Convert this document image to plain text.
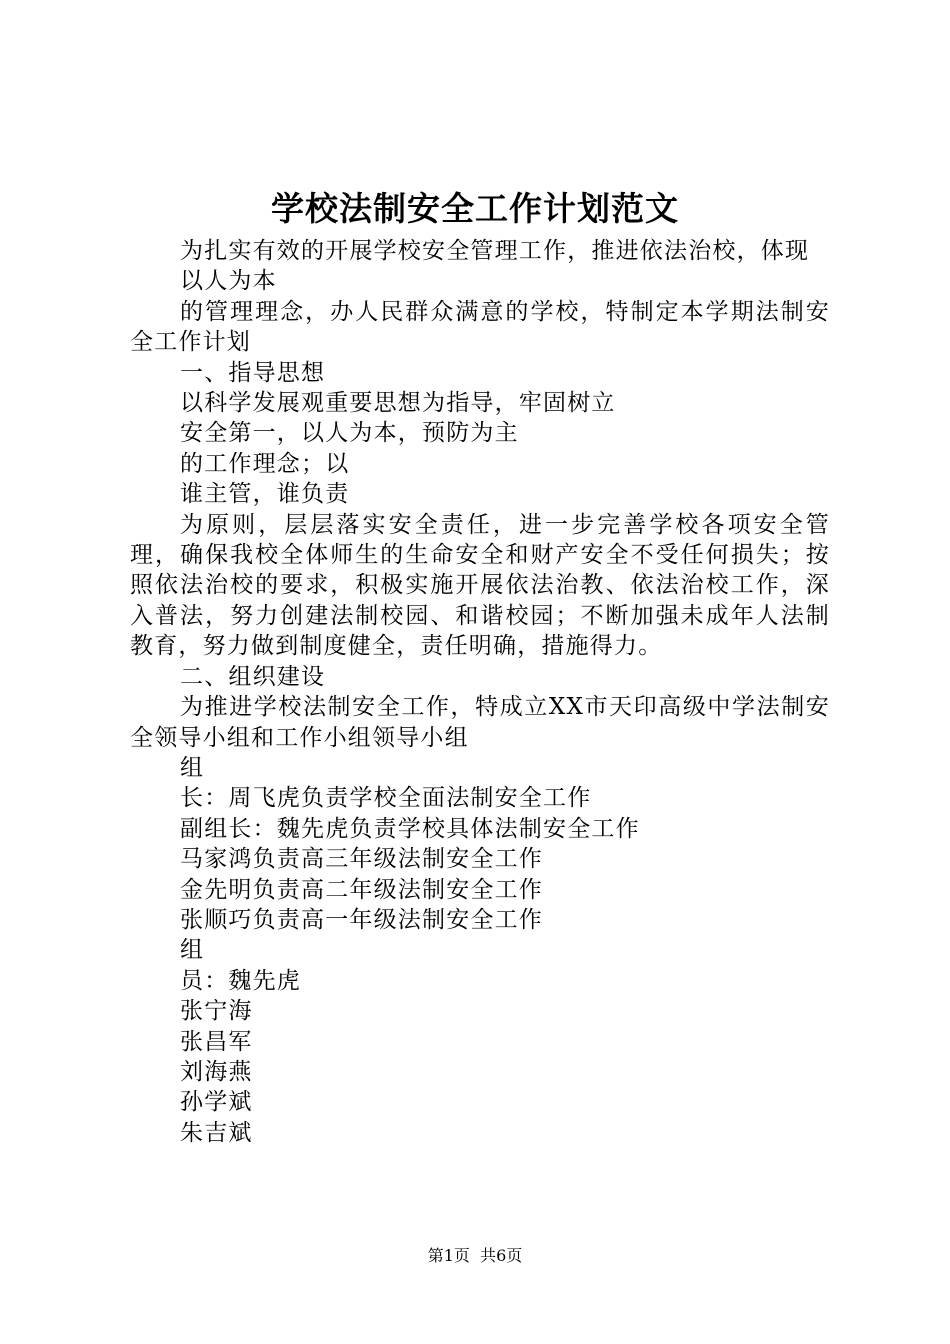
学校法制安全工作计划范文

为扎实有效的开展学校安全管理工作，推进依法治校，体现

以人为本

的管理理念，办人民群众满意的学校，特制定本学期法制安全工作计划

一、指导思想

以科学发展观重要思想为指导，牢固树立

安全第一，以人为本，预防为主

的工作理念；以

谁主管，谁负责

为原则，层层落实安全责任，进一步完善学校各项安全管理，确保我校全体师生的生命安全和财产安全不受任何损失；按照依法治校的要求，积极实施开展依法治教、依法治校工作，深入普法，努力创建法制校园、和谐校园；不断加强未成年人法制教育，努力做到制度健全，责任明确，措施得力。

二、组织建设

为推进学校法制安全工作，特成立XX市天印高级中学法制安全领导小组和工作小组领导小组

组

长：周飞虎负责学校全面法制安全工作

副组长：魏先虎负责学校具体法制安全工作

马家鸿负责高三年级法制安全工作

金先明负责高二年级法制安全工作

张顺巧负责高一年级法制安全工作

组

员：魏先虎

张宁海

张昌军

刘海燕

孙学斌

朱吉斌

第1页 共6页
